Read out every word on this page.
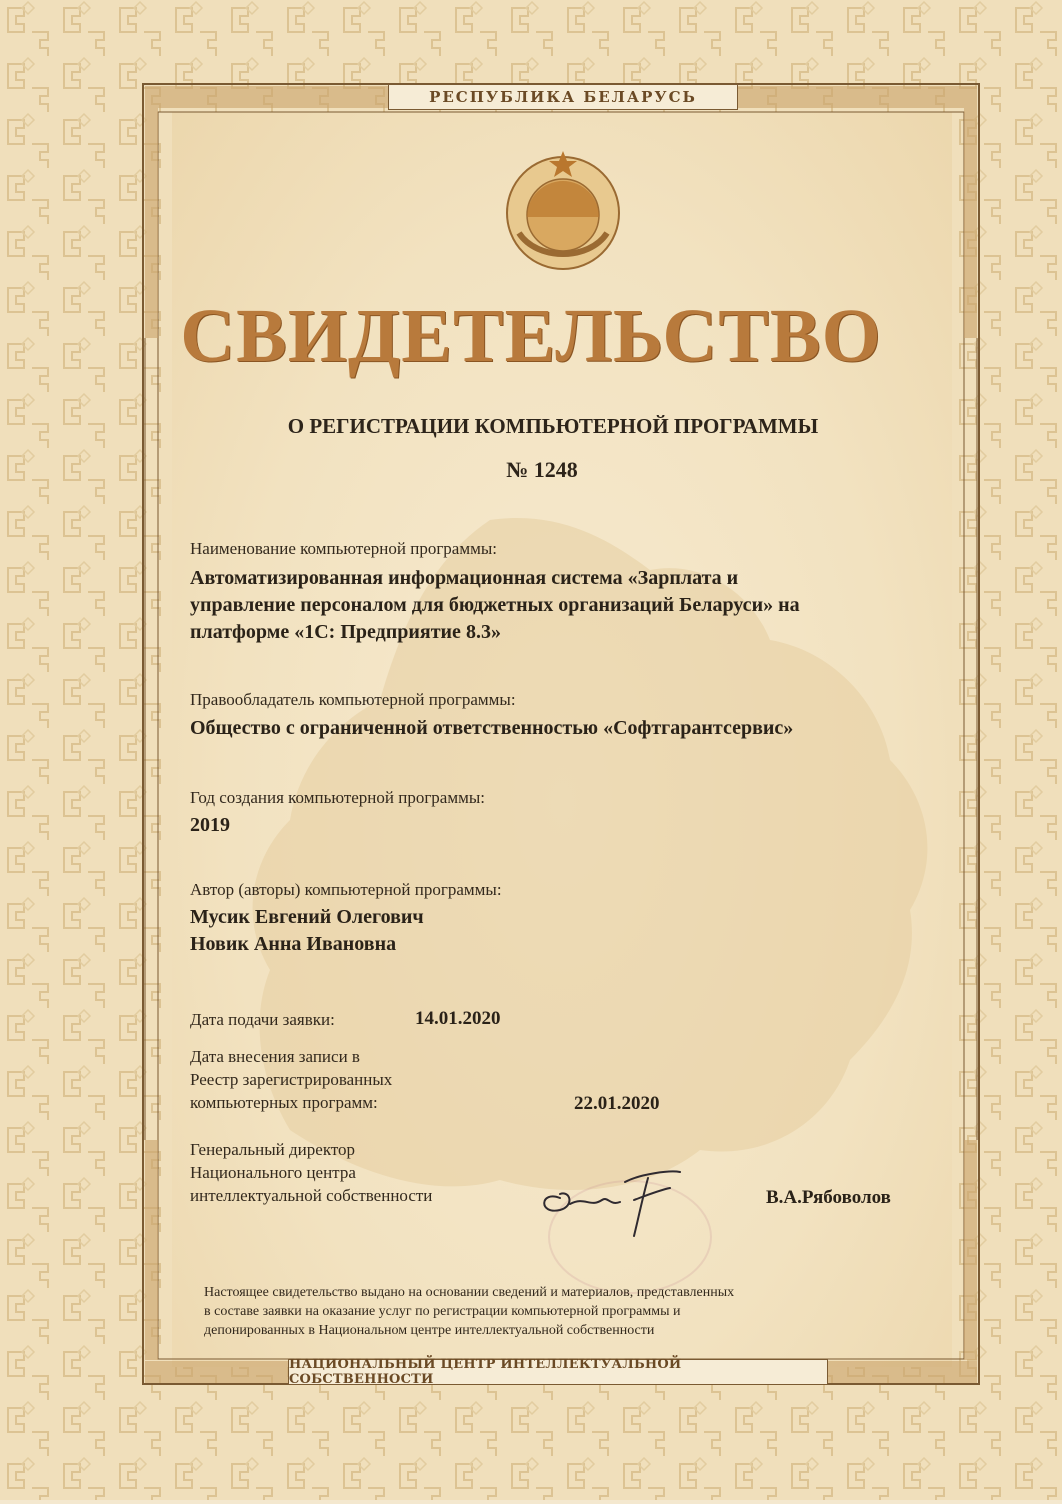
РЕСПУБЛИКА БЕЛАРУСЬ
СВИДЕТЕЛЬСТВО
О РЕГИСТРАЦИИ КОМПЬЮТЕРНОЙ ПРОГРАММЫ
№ 1248
Наименование компьютерной программы:
Автоматизированная информационная система «Зарплата и
управление персоналом для бюджетных организаций Беларуси» на
платформе «1С: Предприятие 8.3»
Правообладатель компьютерной программы:
Общество с ограниченной ответственностью «Софтгарантсервис»
Год создания компьютерной программы:
2019
Автор (авторы) компьютерной программы:
Мусик Евгений Олегович
Новик Анна Ивановна
Дата подачи заявки:	14.01.2020
Дата внесения записи в
Реестр зарегистрированных
компьютерных программ:	22.01.2020
Генеральный директор
Национального центра
интеллектуальной собственности	В.А.Рябоволов
Настоящее свидетельство выдано на основании сведений и материалов, представленных
в составе заявки на оказание услуг по регистрации компьютерной программы и
депонированных в Национальном центре интеллектуальной собственности
НАЦИОНАЛЬНЫЙ ЦЕНТР ИНТЕЛЛЕКТУАЛЬНОЙ СОБСТВЕННОСТИ
